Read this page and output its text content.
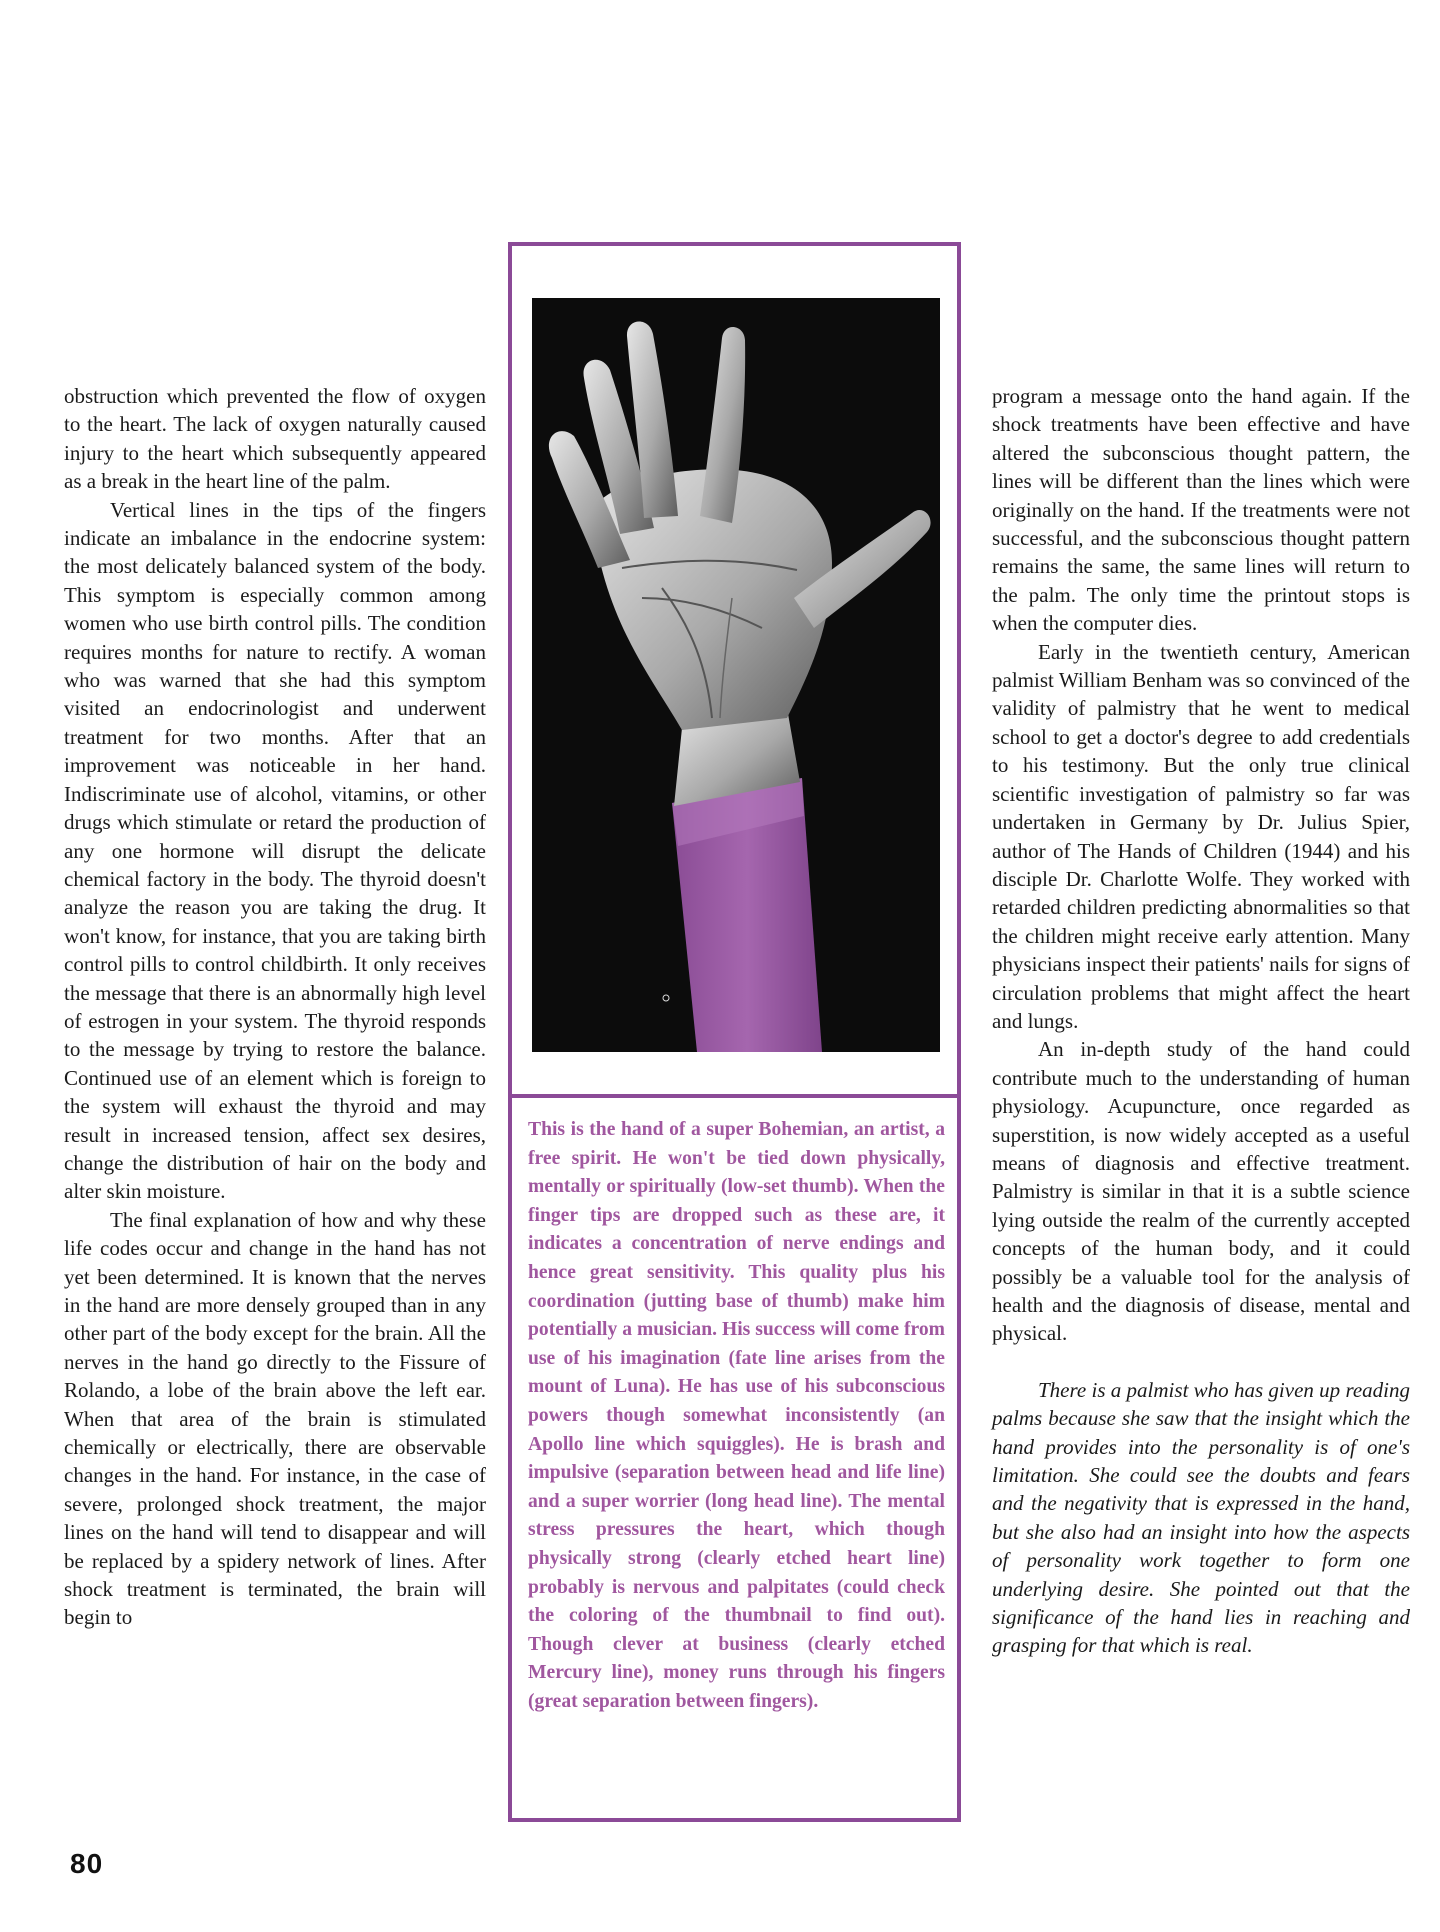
obstruction which prevented the flow of oxygen to the heart. The lack of oxygen naturally caused injury to the heart which subsequently appeared as a break in the heart line of the palm.

Vertical lines in the tips of the fingers indicate an imbalance in the endocrine system: the most delicately balanced system of the body. This symptom is especially common among women who use birth control pills. The condition requires months for nature to rectify. A woman who was warned that she had this symptom visited an endocrinologist and underwent treatment for two months. After that an improvement was noticeable in her hand. Indiscriminate use of alcohol, vitamins, or other drugs which stimulate or retard the production of any one hormone will disrupt the delicate chemical factory in the body. The thyroid doesn't analyze the reason you are taking the drug. It won't know, for instance, that you are taking birth control pills to control childbirth. It only receives the message that there is an abnormally high level of estrogen in your system. The thyroid responds to the message by trying to restore the balance. Continued use of an element which is foreign to the system will exhaust the thyroid and may result in increased tension, affect sex desires, change the distribution of hair on the body and alter skin moisture.

The final explanation of how and why these life codes occur and change in the hand has not yet been determined. It is known that the nerves in the hand are more densely grouped than in any other part of the body except for the brain. All the nerves in the hand go directly to the Fissure of Rolando, a lobe of the brain above the left ear. When that area of the brain is stimulated chemically or electrically, there are observable changes in the hand. For instance, in the case of severe, prolonged shock treatment, the major lines on the hand will tend to disappear and will be replaced by a spidery network of lines. After shock treatment is terminated, the brain will begin to

This is the hand of a super Bohemian, an artist, a free spirit. He won't be tied down physically, mentally or spiritually (low-set thumb). When the finger tips are dropped such as these are, it indicates a concentration of nerve endings and hence great sensitivity. This quality plus his coordination (jutting base of thumb) make him potentially a musician. His success will come from use of his imagination (fate line arises from the mount of Luna). He has use of his subconscious powers though somewhat inconsistently (an Apollo line which squiggles). He is brash and impulsive (separation between head and life line) and a super worrier (long head line). The mental stress pressures the heart, which though physically strong (clearly etched heart line) probably is nervous and palpitates (could check the coloring of the thumbnail to find out). Though clever at business (clearly etched Mercury line), money runs through his fingers (great separation between fingers).

program a message onto the hand again. If the shock treatments have been effective and have altered the subconscious thought pattern, the lines will be different than the lines which were originally on the hand. If the treatments were not successful, and the subconscious thought pattern remains the same, the same lines will return to the palm. The only time the printout stops is when the computer dies.

Early in the twentieth century, American palmist William Benham was so convinced of the validity of palmistry that he went to medical school to get a doctor's degree to add credentials to his testimony. But the only true clinical scientific investigation of palmistry so far was undertaken in Germany by Dr. Julius Spier, author of The Hands of Children (1944) and his disciple Dr. Charlotte Wolfe. They worked with retarded children predicting abnormalities so that the children might receive early attention. Many physicians inspect their patients' nails for signs of circulation problems that might affect the heart and lungs.

An in-depth study of the hand could contribute much to the understanding of human physiology. Acupuncture, once regarded as superstition, is now widely accepted as a useful means of diagnosis and effective treatment. Palmistry is similar in that it is a subtle science lying outside the realm of the currently accepted concepts of the human body, and it could possibly be a valuable tool for the analysis of health and the diagnosis of disease, mental and physical.

There is a palmist who has given up reading palms because she saw that the insight which the hand provides into the personality is of one's limitation. She could see the doubts and fears and the negativity that is expressed in the hand, but she also had an insight into how the aspects of personality work together to form one underlying desire. She pointed out that the significance of the hand lies in reaching and grasping for that which is real.

80
